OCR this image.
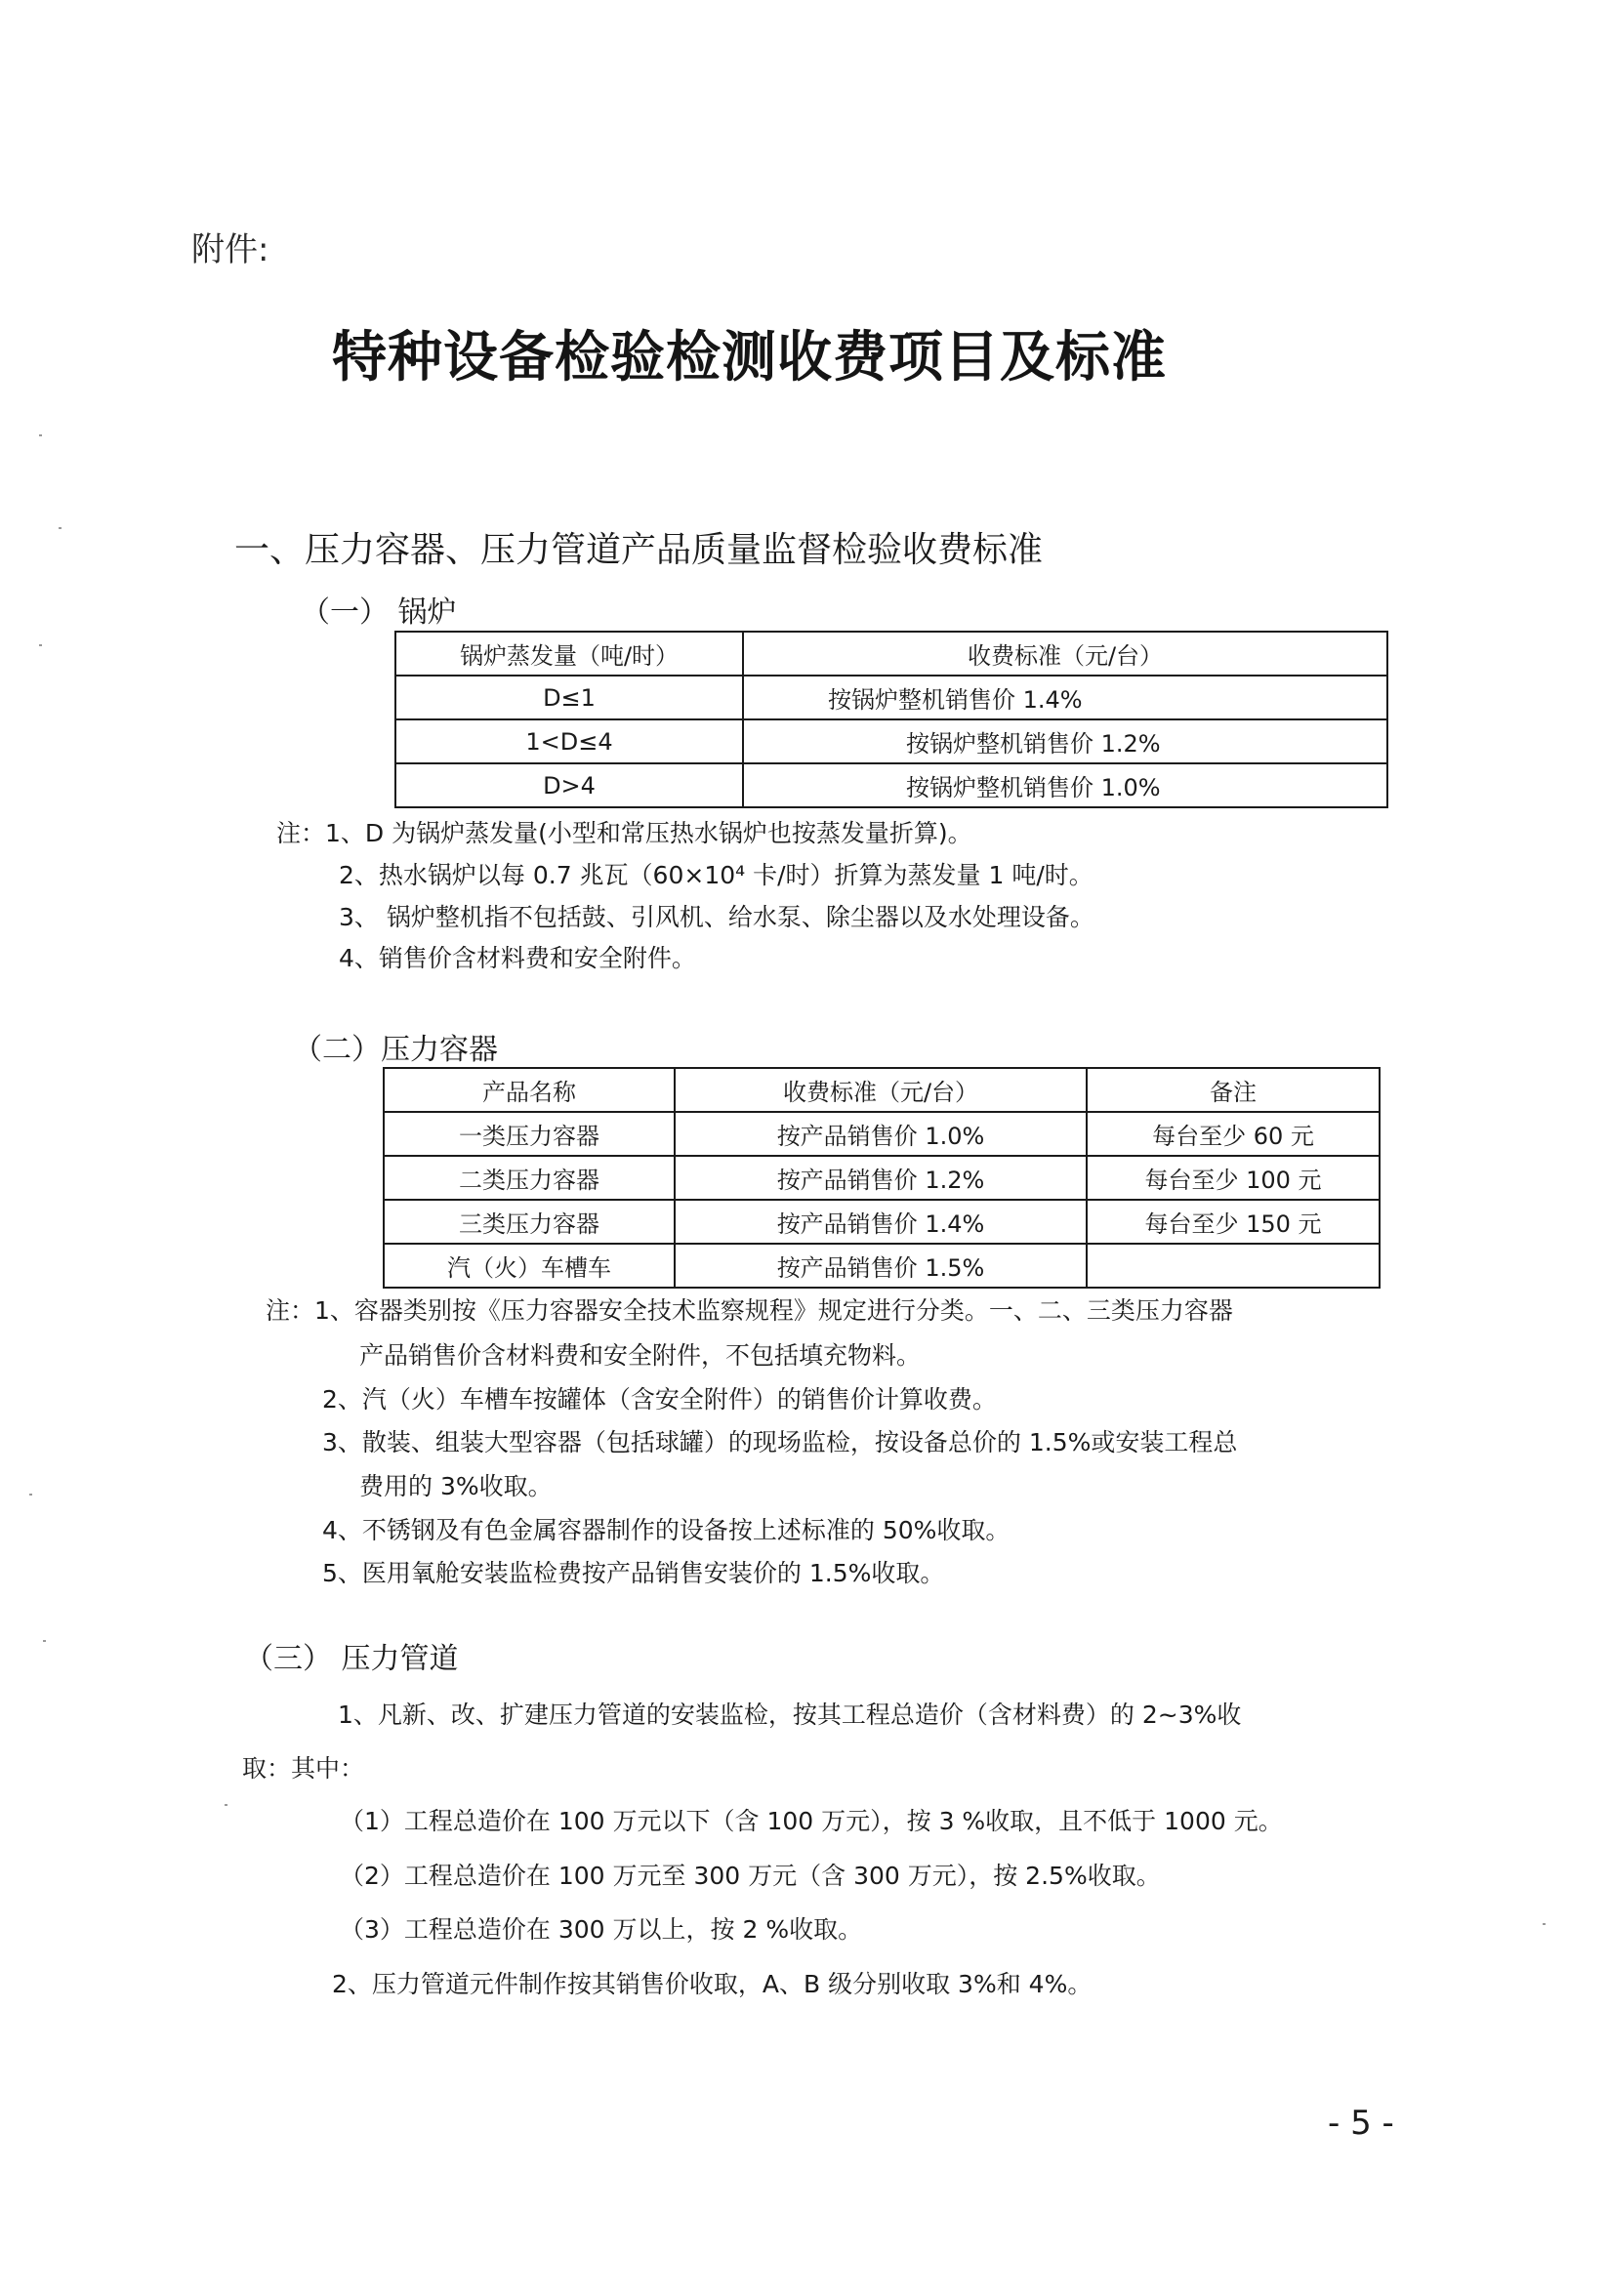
附件:
特种设备检验检测收费项目及标准
一、压力容器、压力管道产品质量监督检验收费标准
（一） 锅炉
锅炉蒸发量（吨/时）	收费标准（元/台）
D≤1	按锅炉整机销售价 1.4%
1<D≤4	按锅炉整机销售价 1.2%
D>4	按锅炉整机销售价 1.0%
注：1、D 为锅炉蒸发量(小型和常压热水锅炉也按蒸发量折算)。
2、热水锅炉以每 0.7 兆瓦（60×10⁴ 卡/时）折算为蒸发量 1 吨/时。
3、 锅炉整机指不包括鼓、引风机、给水泵、除尘器以及水处理设备。
4、销售价含材料费和安全附件。
（二）压力容器
产品名称	收费标准（元/台）	备注
一类压力容器	按产品销售价 1.0%	每台至少 60 元
二类压力容器	按产品销售价 1.2%	每台至少 100 元
三类压力容器	按产品销售价 1.4%	每台至少 150 元
汽（火）车槽车	按产品销售价 1.5%	
注：1、容器类别按《压力容器安全技术监察规程》规定进行分类。一、二、三类压力容器
产品销售价含材料费和安全附件，不包括填充物料。
2、汽（火）车槽车按罐体（含安全附件）的销售价计算收费。
3、散装、组装大型容器（包括球罐）的现场监检，按设备总价的 1.5%或安装工程总
费用的 3%收取。
4、不锈钢及有色金属容器制作的设备按上述标准的 50%收取。
5、医用氧舱安装监检费按产品销售安装价的 1.5%收取。
（三） 压力管道
1、凡新、改、扩建压力管道的安装监检，按其工程总造价（含材料费）的 2~3%收
取：其中：
（1）工程总造价在 100 万元以下（含 100 万元），按 3 %收取，且不低于 1000 元。
（2）工程总造价在 100 万元至 300 万元（含 300 万元），按 2.5%收取。
（3）工程总造价在 300 万以上，按 2 %收取。
2、压力管道元件制作按其销售价收取，A、B 级分别收取 3%和 4%。
- 5 -
